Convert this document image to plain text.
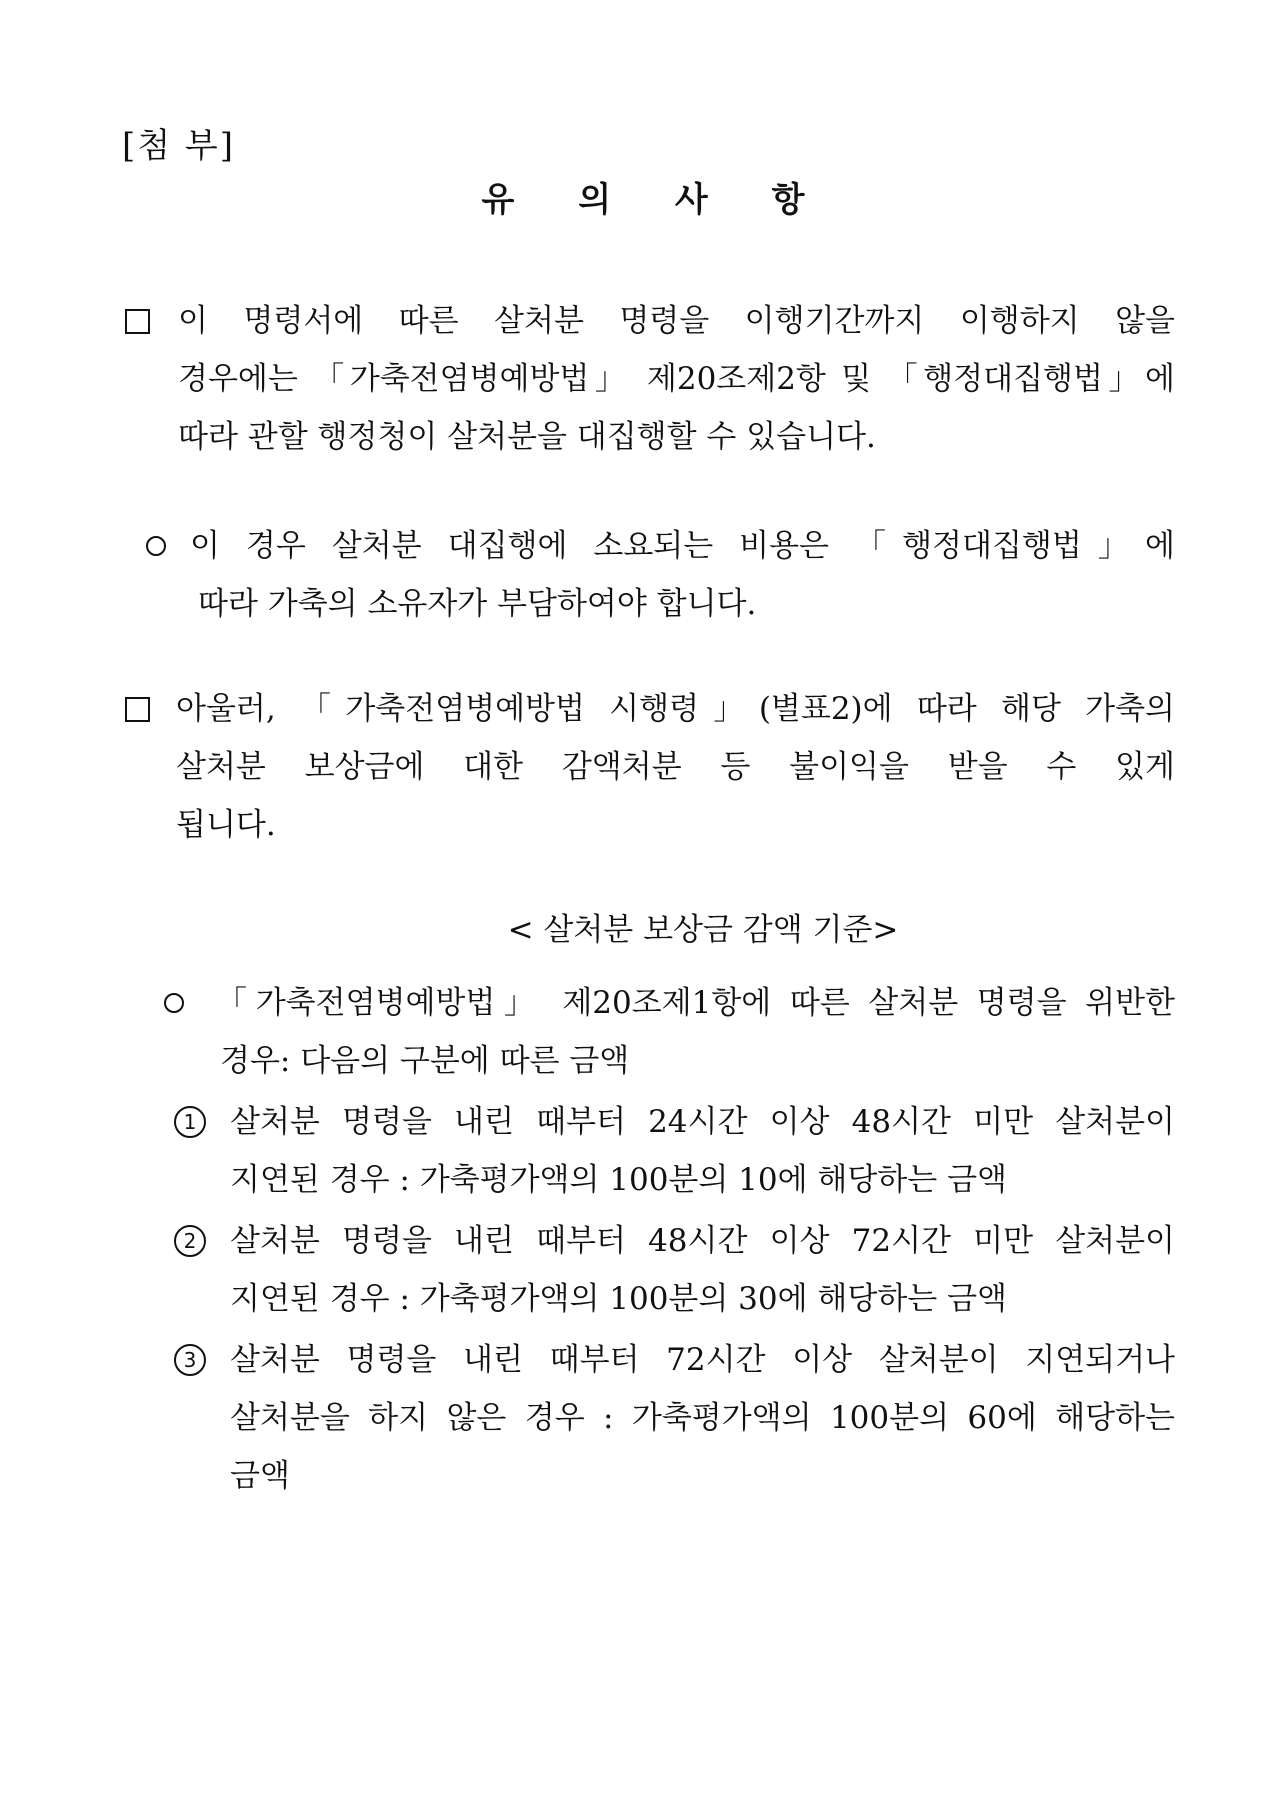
[첨 부]
유 의 사 항
이 명령서에 따른 살처분 명령을 이행기간까지 이행하지 않을
경우에는 「가축전염병예방법」 제20조제2항 및 「행정대집행법」에
따라 관할 행정청이 살처분을 대집행할 수 있습니다.
이 경우 살처분 대집행에 소요되는 비용은 「행정대집행법」에
따라 가축의 소유자가 부담하여야 합니다.
아울러, 「가축전염병예방법 시행령」(별표2)에 따라 해당 가축의
살처분 보상금에 대한 감액처분 등 불이익을 받을 수 있게
됩니다.
< 살처분 보상금 감액 기준>
「가축전염병예방법」 제20조제1항에 따른 살처분 명령을 위반한
경우: 다음의 구분에 따른 금액
1	살처분 명령을 내린 때부터 24시간 이상 48시간 미만 살처분이
지연된 경우 : 가축평가액의 100분의 10에 해당하는 금액
2	살처분 명령을 내린 때부터 48시간 이상 72시간 미만 살처분이
지연된 경우 : 가축평가액의 100분의 30에 해당하는 금액
3	살처분 명령을 내린 때부터 72시간 이상 살처분이 지연되거나
살처분을 하지 않은 경우 : 가축평가액의 100분의 60에 해당하는
금액
